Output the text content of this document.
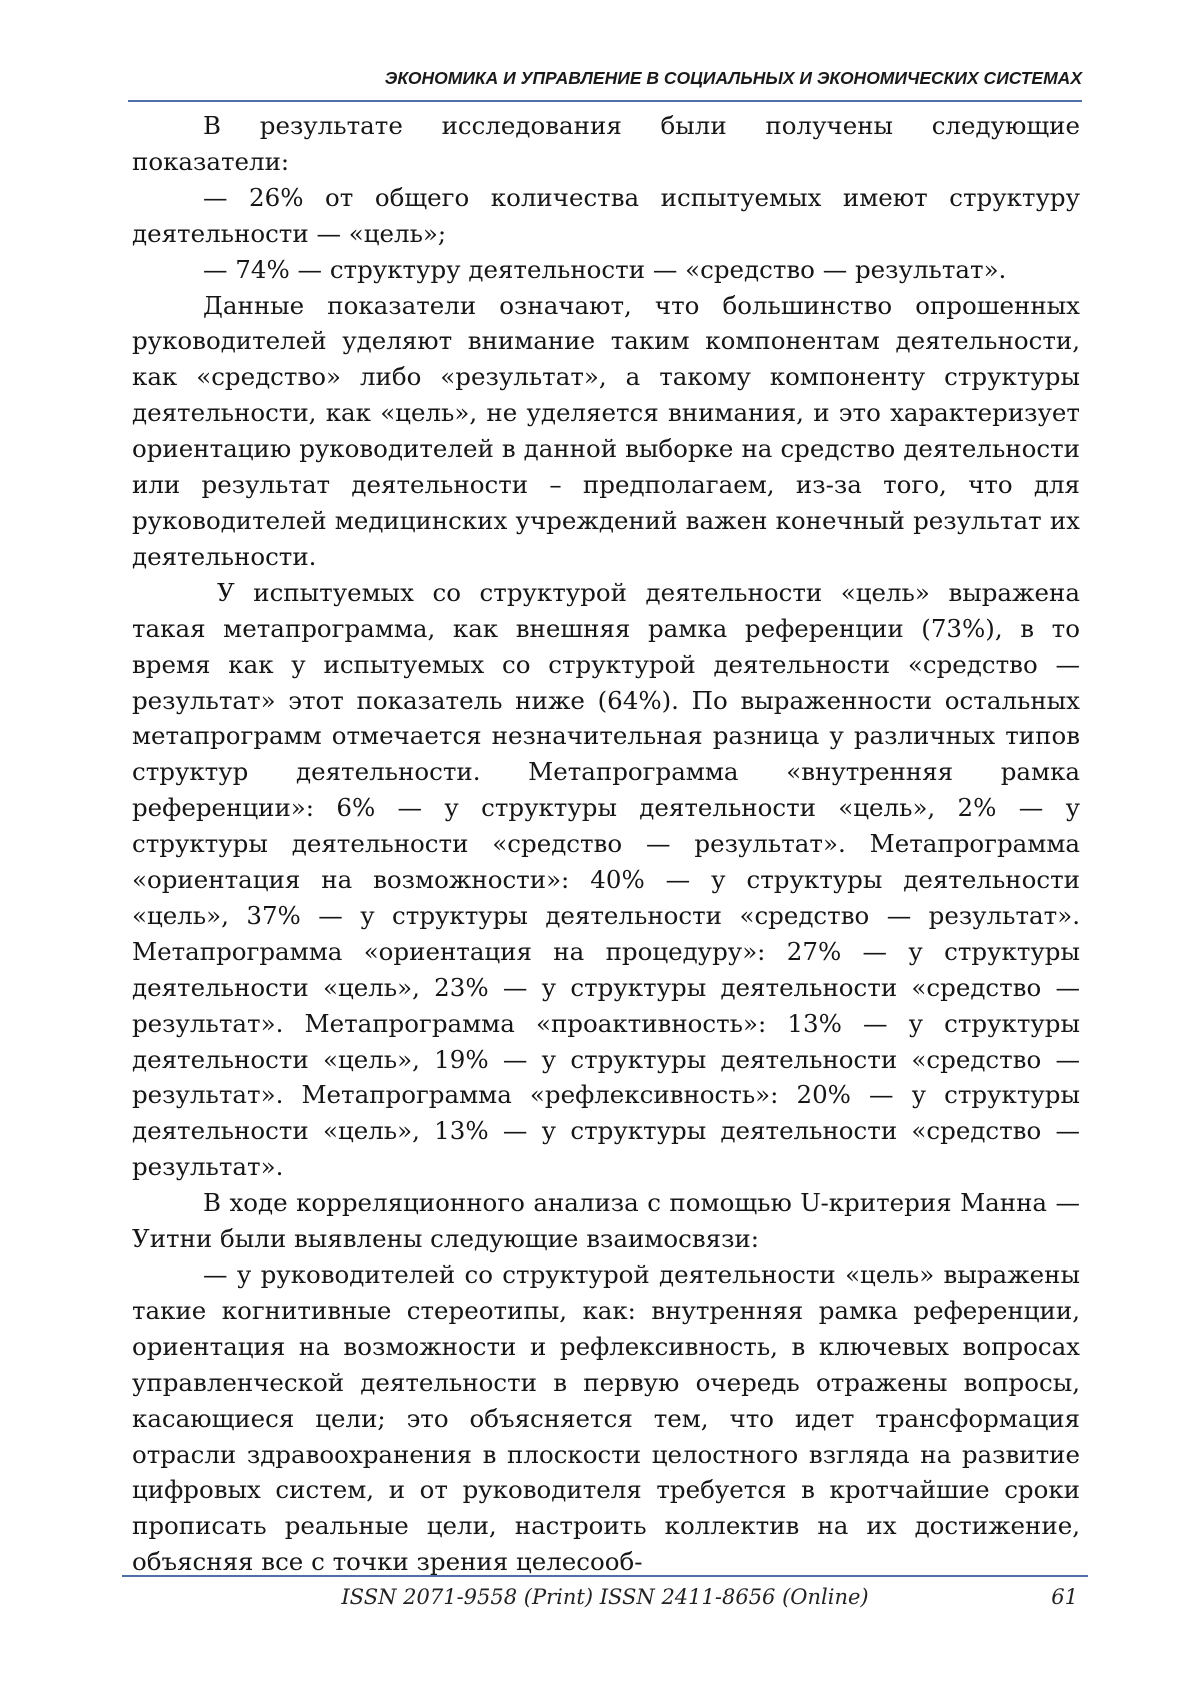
ЭКОНОМИКА И УПРАВЛЕНИЕ В СОЦИАЛЬНЫХ И ЭКОНОМИЧЕСКИХ СИСТЕМАХ

В результате исследования были получены следующие показатели:

— 26% от общего количества испытуемых имеют структуру деятельности — «цель»;

— 74% — структуру деятельности — «средство — результат».

Данные показатели означают, что большинство опрошенных руководителей уделяют внимание таким компонентам деятельности, как «средство» либо «результат», а такому компоненту структуры деятельности, как «цель», не уделяется внимания, и это характеризует ориентацию руководителей в данной выборке на средство деятельности или результат деятельности – предполагаем, из-за того, что для руководителей медицинских учреждений важен конечный результат их деятельности.

У испытуемых со структурой деятельности «цель» выражена такая метапрограмма, как внешняя рамка референции (73%), в то время как у испытуемых со структурой деятельности «средство — результат» этот показатель ниже (64%). По выраженности остальных метапрограмм отмечается незначительная разница у различных типов структур деятельности. Метапрограмма «внутренняя рамка референции»: 6% — у структуры деятельности «цель», 2% — у структуры деятельности «средство — результат». Метапрограмма «ориентация на возможности»: 40% — у структуры деятельности «цель», 37% — у структуры деятельности «средство — результат». Метапрограмма «ориентация на процедуру»: 27% — у структуры деятельности «цель», 23% — у структуры деятельности «средство — результат». Метапрограмма «проактивность»: 13% — у структуры деятельности «цель», 19% — у структуры деятельности «средство — результат». Метапрограмма «рефлексивность»: 20% — у структуры деятельности «цель», 13% — у структуры деятельности «средство — результат».

В ходе корреляционного анализа с помощью U-критерия Манна — Уитни были выявлены следующие взаимосвязи:

— у руководителей со структурой деятельности «цель» выражены такие когнитивные стереотипы, как: внутренняя рамка референции, ориентация на возможности и рефлексивность, в ключевых вопросах управленческой деятельности в первую очередь отражены вопросы, касающиеся цели; это объясняется тем, что идет трансформация отрасли здравоохранения в плоскости целостного взгляда на развитие цифровых систем, и от руководителя требуется в кротчайшие сроки прописать реальные цели, настроить коллектив на их достижение, объясняя все с точки зрения целесооб-

ISSN 2071-9558 (Print) ISSN 2411-8656 (Online)	61
